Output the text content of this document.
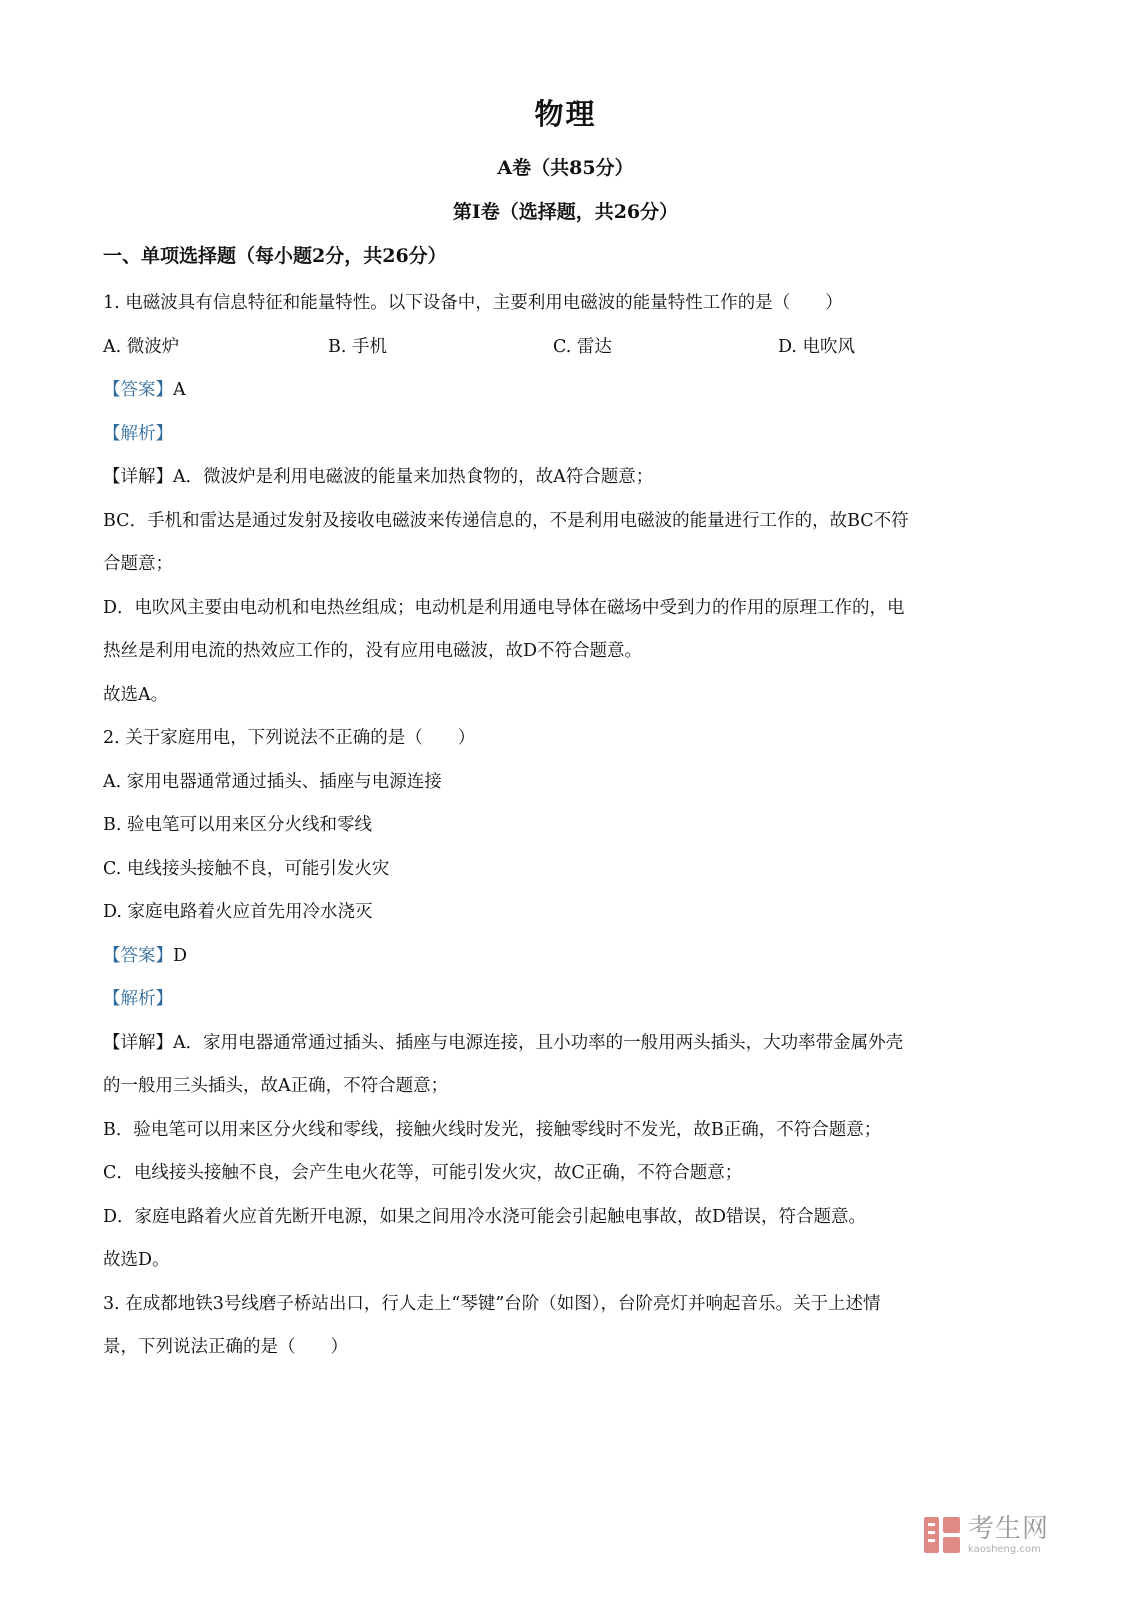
物理
A卷（共85分）
第I卷（选择题，共26分）
一、单项选择题（每小题2分，共26分）

1. 电磁波具有信息特征和能量特性。以下设备中，主要利用电磁波的能量特性工作的是（　　）

A. 微波炉	B. 手机	C. 雷达	D. 电吹风

【答案】A

【解析】

【详解】A．微波炉是利用电磁波的能量来加热食物的，故A符合题意；

BC．手机和雷达是通过发射及接收电磁波来传递信息的，不是利用电磁波的能量进行工作的，故BC不符

合题意；

D．电吹风主要由电动机和电热丝组成；电动机是利用通电导体在磁场中受到力的作用的原理工作的，电

热丝是利用电流的热效应工作的，没有应用电磁波，故D不符合题意。

故选A。

2. 关于家庭用电，下列说法不正确的是（　　）

A. 家用电器通常通过插头、插座与电源连接

B. 验电笔可以用来区分火线和零线

C. 电线接头接触不良，可能引发火灾

D. 家庭电路着火应首先用冷水浇灭

【答案】D

【解析】

【详解】A．家用电器通常通过插头、插座与电源连接，且小功率的一般用两头插头，大功率带金属外壳

的一般用三头插头，故A正确，不符合题意；

B．验电笔可以用来区分火线和零线，接触火线时发光，接触零线时不发光，故B正确，不符合题意；

C．电线接头接触不良，会产生电火花等，可能引发火灾，故C正确，不符合题意；

D．家庭电路着火应首先断开电源，如果之间用冷水浇可能会引起触电事故，故D错误，符合题意。

故选D。

3. 在成都地铁3号线磨子桥站出口，行人走上“琴键”台阶（如图），台阶亮灯并响起音乐。关于上述情

景，下列说法正确的是（　　）

考生网
kaosheng.com
